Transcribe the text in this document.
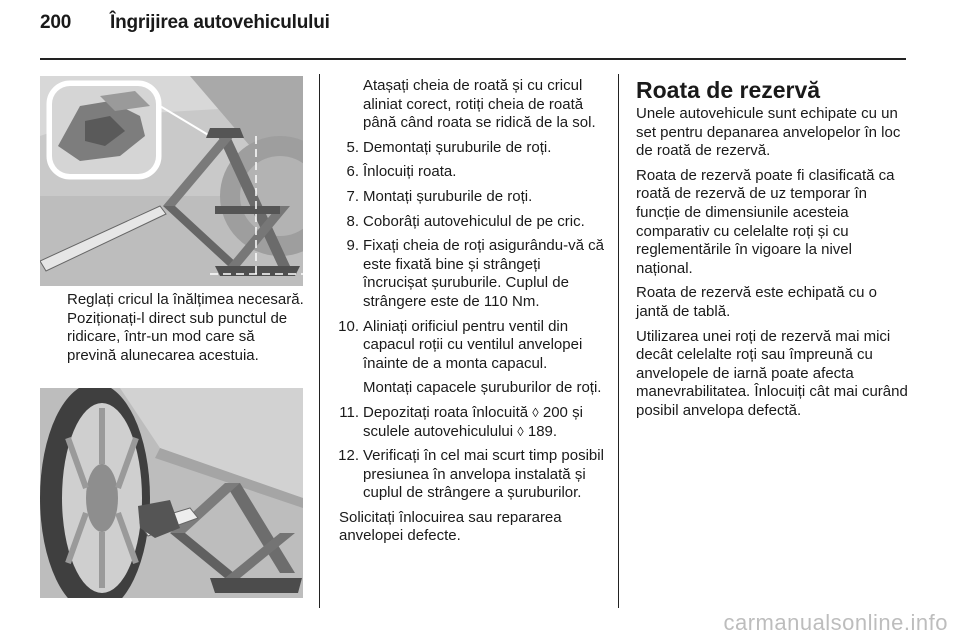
200 Îngrijirea autovehiculului
Reglați cricul la înălțimea necesară. Poziționați-l direct sub punctul de ridicare, într-un mod care să prevină alunecarea acestuia.
Atașați cheia de roată și cu cricul aliniat corect, rotiți cheia de roată până când roata se ridică de la sol.
5. Demontați șuruburile de roți.
6. Înlocuiți roata.
7. Montați șuruburile de roți.
8. Coborâți autovehiculul de pe cric.
9. Fixați cheia de roți asigurându-vă că este fixată bine și strângeți încrucișat șuruburile. Cuplul de strângere este de 110 Nm.
10. Aliniați orificiul pentru ventil din capacul roții cu ventilul anvelopei înainte de a monta capacul.
Montați capacele șuruburilor de roți.
11. Depozitați roata înlocuită ◊ 200 și sculele autovehiculului ◊ 189.
12. Verificați în cel mai scurt timp posibil presiunea în anvelopa instalată și cuplul de strângere a șuruburilor.
Solicitați înlocuirea sau repararea anvelopei defecte.
Roata de rezervă

Unele autovehicule sunt echipate cu un set pentru depanarea anvelopelor în loc de roată de rezervă.

Roata de rezervă poate fi clasificată ca roată de rezervă de uz temporar în funcție de dimensiunile acesteia comparativ cu celelalte roți și cu reglementările în vigoare la nivel național.

Roata de rezervă este echipată cu o jantă de tablă.

Utilizarea unei roți de rezervă mai mici decât celelalte roți sau împreună cu anvelopele de iarnă poate afecta manevrabilitatea. Înlocuiți cât mai curând posibil anvelopa defectă.

carmanualsonline.info
